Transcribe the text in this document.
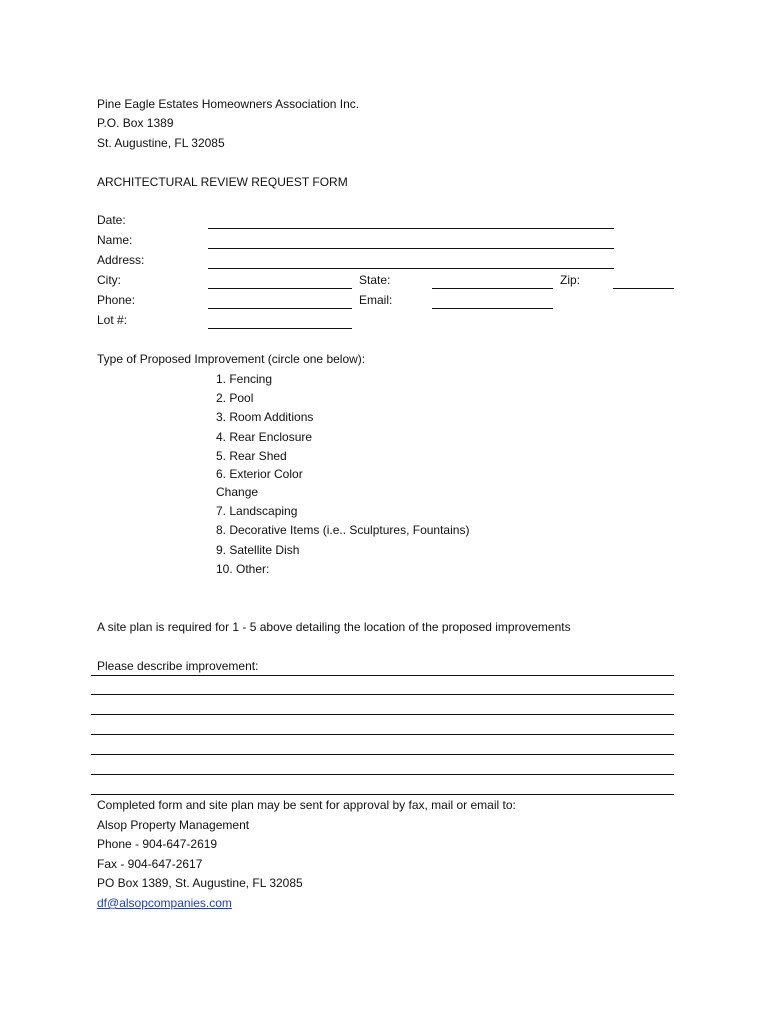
Pine Eagle Estates Homeowners Association Inc.
P.O. Box 1389
St. Augustine, FL 32085
ARCHITECTURAL REVIEW REQUEST FORM
Date:
Name:
Address:
City:	State:	Zip:
Phone:	Email:
Lot #:
Type of Proposed Improvement (circle one below):
1. Fencing
2. Pool
3. Room Additions
4. Rear Enclosure
5. Rear Shed
6. Exterior Color
Change
7. Landscaping
8. Decorative Items (i.e.. Sculptures, Fountains)
9. Satellite Dish
10. Other:
A site plan is required for 1 - 5 above detailing the location of the proposed improvements
Please describe improvement:
Completed form and site plan may be sent for approval by fax, mail or email to:
Alsop Property Management
Phone - 904-647-2619
Fax - 904-647-2617
PO Box 1389, St. Augustine, FL 32085
df@alsopcompanies.com
